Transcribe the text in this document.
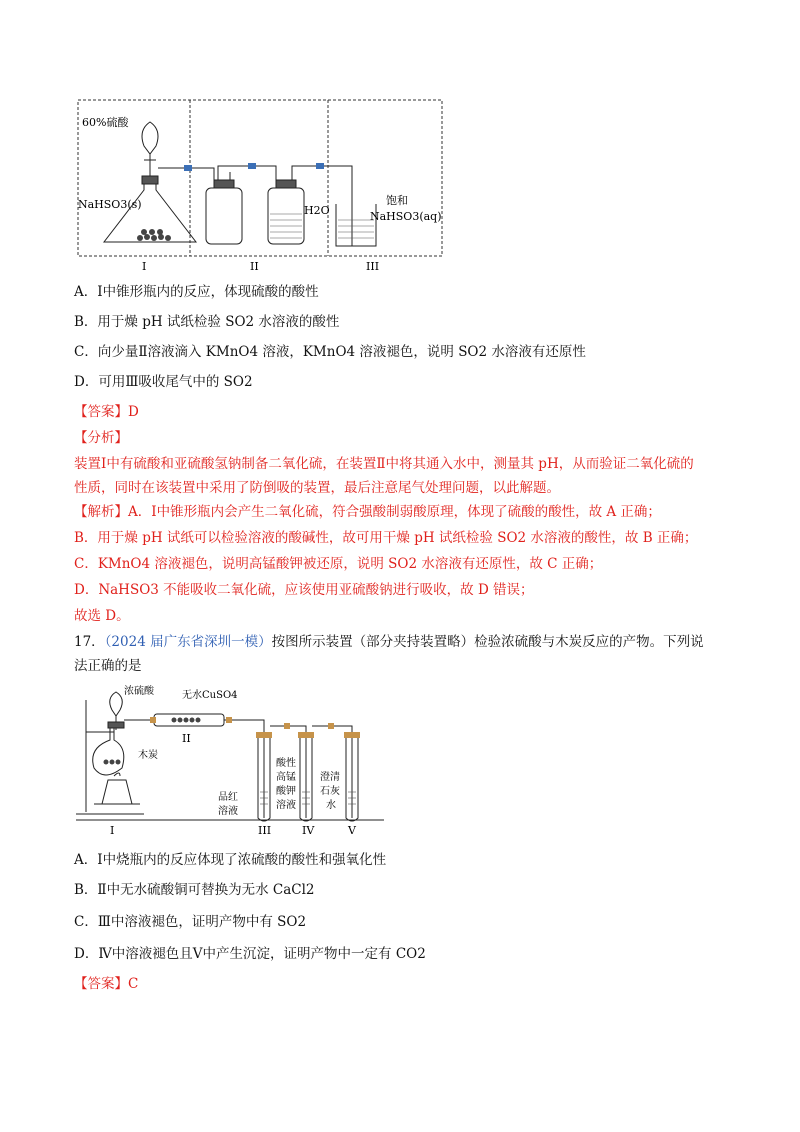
60%硫酸
NaHSO3(s)	H2O
饱和
NaHSO3(aq)
I	II	III
A．Ⅰ中锥形瓶内的反应，体现硫酸的酸性
B．用于燥 pH 试纸检验 SO2 水溶液的酸性
C．向少量Ⅱ溶液滴入 KMnO4 溶液，KMnO4 溶液褪色，说明 SO2 水溶液有还原性
D．可用Ⅲ吸收尾气中的 SO2
【答案】D
【分析】
装置Ⅰ中有硫酸和亚硫酸氢钠制备二氧化硫，在装置Ⅱ中将其通入水中，测量其 pH，从而验证二氧化硫的
性质，同时在该装置中采用了防倒吸的装置，最后注意尾气处理问题，以此解题。
【解析】A．Ⅰ中锥形瓶内会产生二氧化硫，符合强酸制弱酸原理，体现了硫酸的酸性，故 A 正确；
B．用于燥 pH 试纸可以检验溶液的酸碱性，故可用干燥 pH 试纸检验 SO2 水溶液的酸性，故 B 正确；
C．KMnO4 溶液褪色，说明高锰酸钾被还原，说明 SO2 水溶液有还原性，故 C 正确；
D．NaHSO3 不能吸收二氧化硫，应该使用亚硫酸钠进行吸收，故 D 错误；
故选 D。
17．（2024 届广东省深圳一模）按图所示装置（部分夹持装置略）检验浓硫酸与木炭反应的产物。下列说
法正确的是
浓硫酸	无水CuSO4
木炭
品红
溶液
酸性
高锰
酸钾
溶液
澄清
石灰
水
I
II
III	IV	V
A．Ⅰ中烧瓶内的反应体现了浓硫酸的酸性和强氧化性
B．Ⅱ中无水硫酸铜可替换为无水 CaCl2
C．Ⅲ中溶液褪色，证明产物中有 SO2
D．Ⅳ中溶液褪色且Ⅴ中产生沉淀，证明产物中一定有 CO2
【答案】C
